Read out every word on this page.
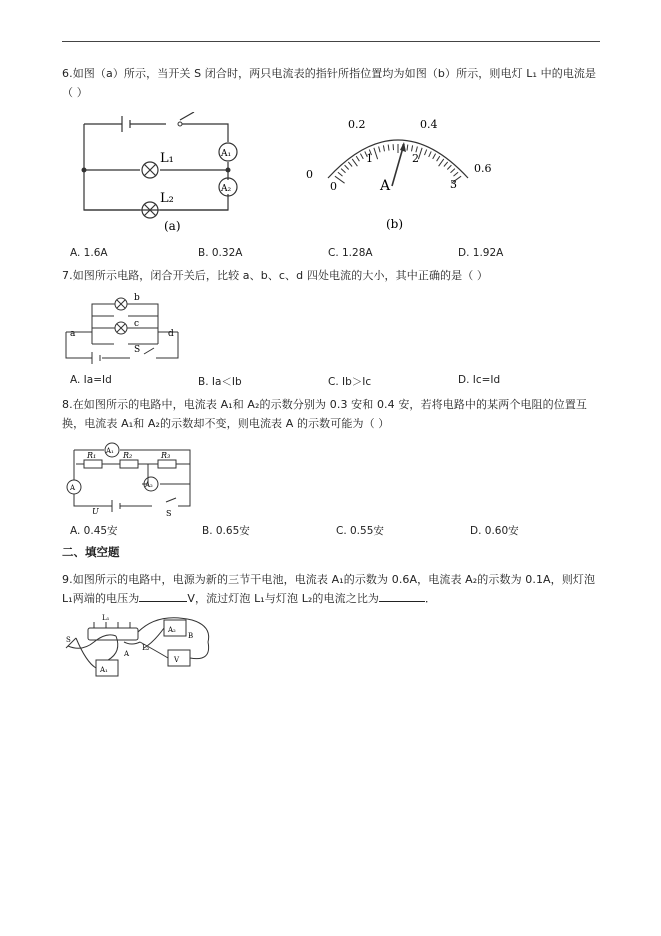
6.如图（a）所示，当开关 S 闭合时，两只电流表的指针所指位置均为如图（b）所示，则电灯 L₁ 中的电流是（ ）
L₁
L₂
A₁
A₂
(a)
0
0.2	0.4
0.6
0
1	2
3
A
(b)
A. 1.6A	B. 0.32A	C. 1.28A	D. 1.92A
7.如图所示电路，闭合开关后，比较 a、b、c、d 四处电流的大小，其中正确的是（ ）
a
b
c
d
S
A. Ia=Id	B. Ia＜Ib	C. Ib＞Ic	D. Ic=Id
8.在如图所示的电路中，电流表 A₁和 A₂的示数分别为 0.3 安和 0.4 安，若将电路中的某两个电阻的位置互换，电流表 A₁和 A₂的示数却不变，则电流表 A 的示数可能为（ ）
R₁	R₂	R₃
A₁
A₂
A
U	S
A. 0.45安	B. 0.65安	C. 0.55安	D. 0.60安
二、填空题
9.如图所示的电路中，电源为新的三节干电池，电流表 A₁的示数为 0.6A，电流表 A₂的示数为 0.1A，则灯泡 L₁两端的电压为	V，流过灯泡 L₁与灯泡 L₂的电流之比为	．
S
A
B
A₂
V
A₁
L₁
L₂
